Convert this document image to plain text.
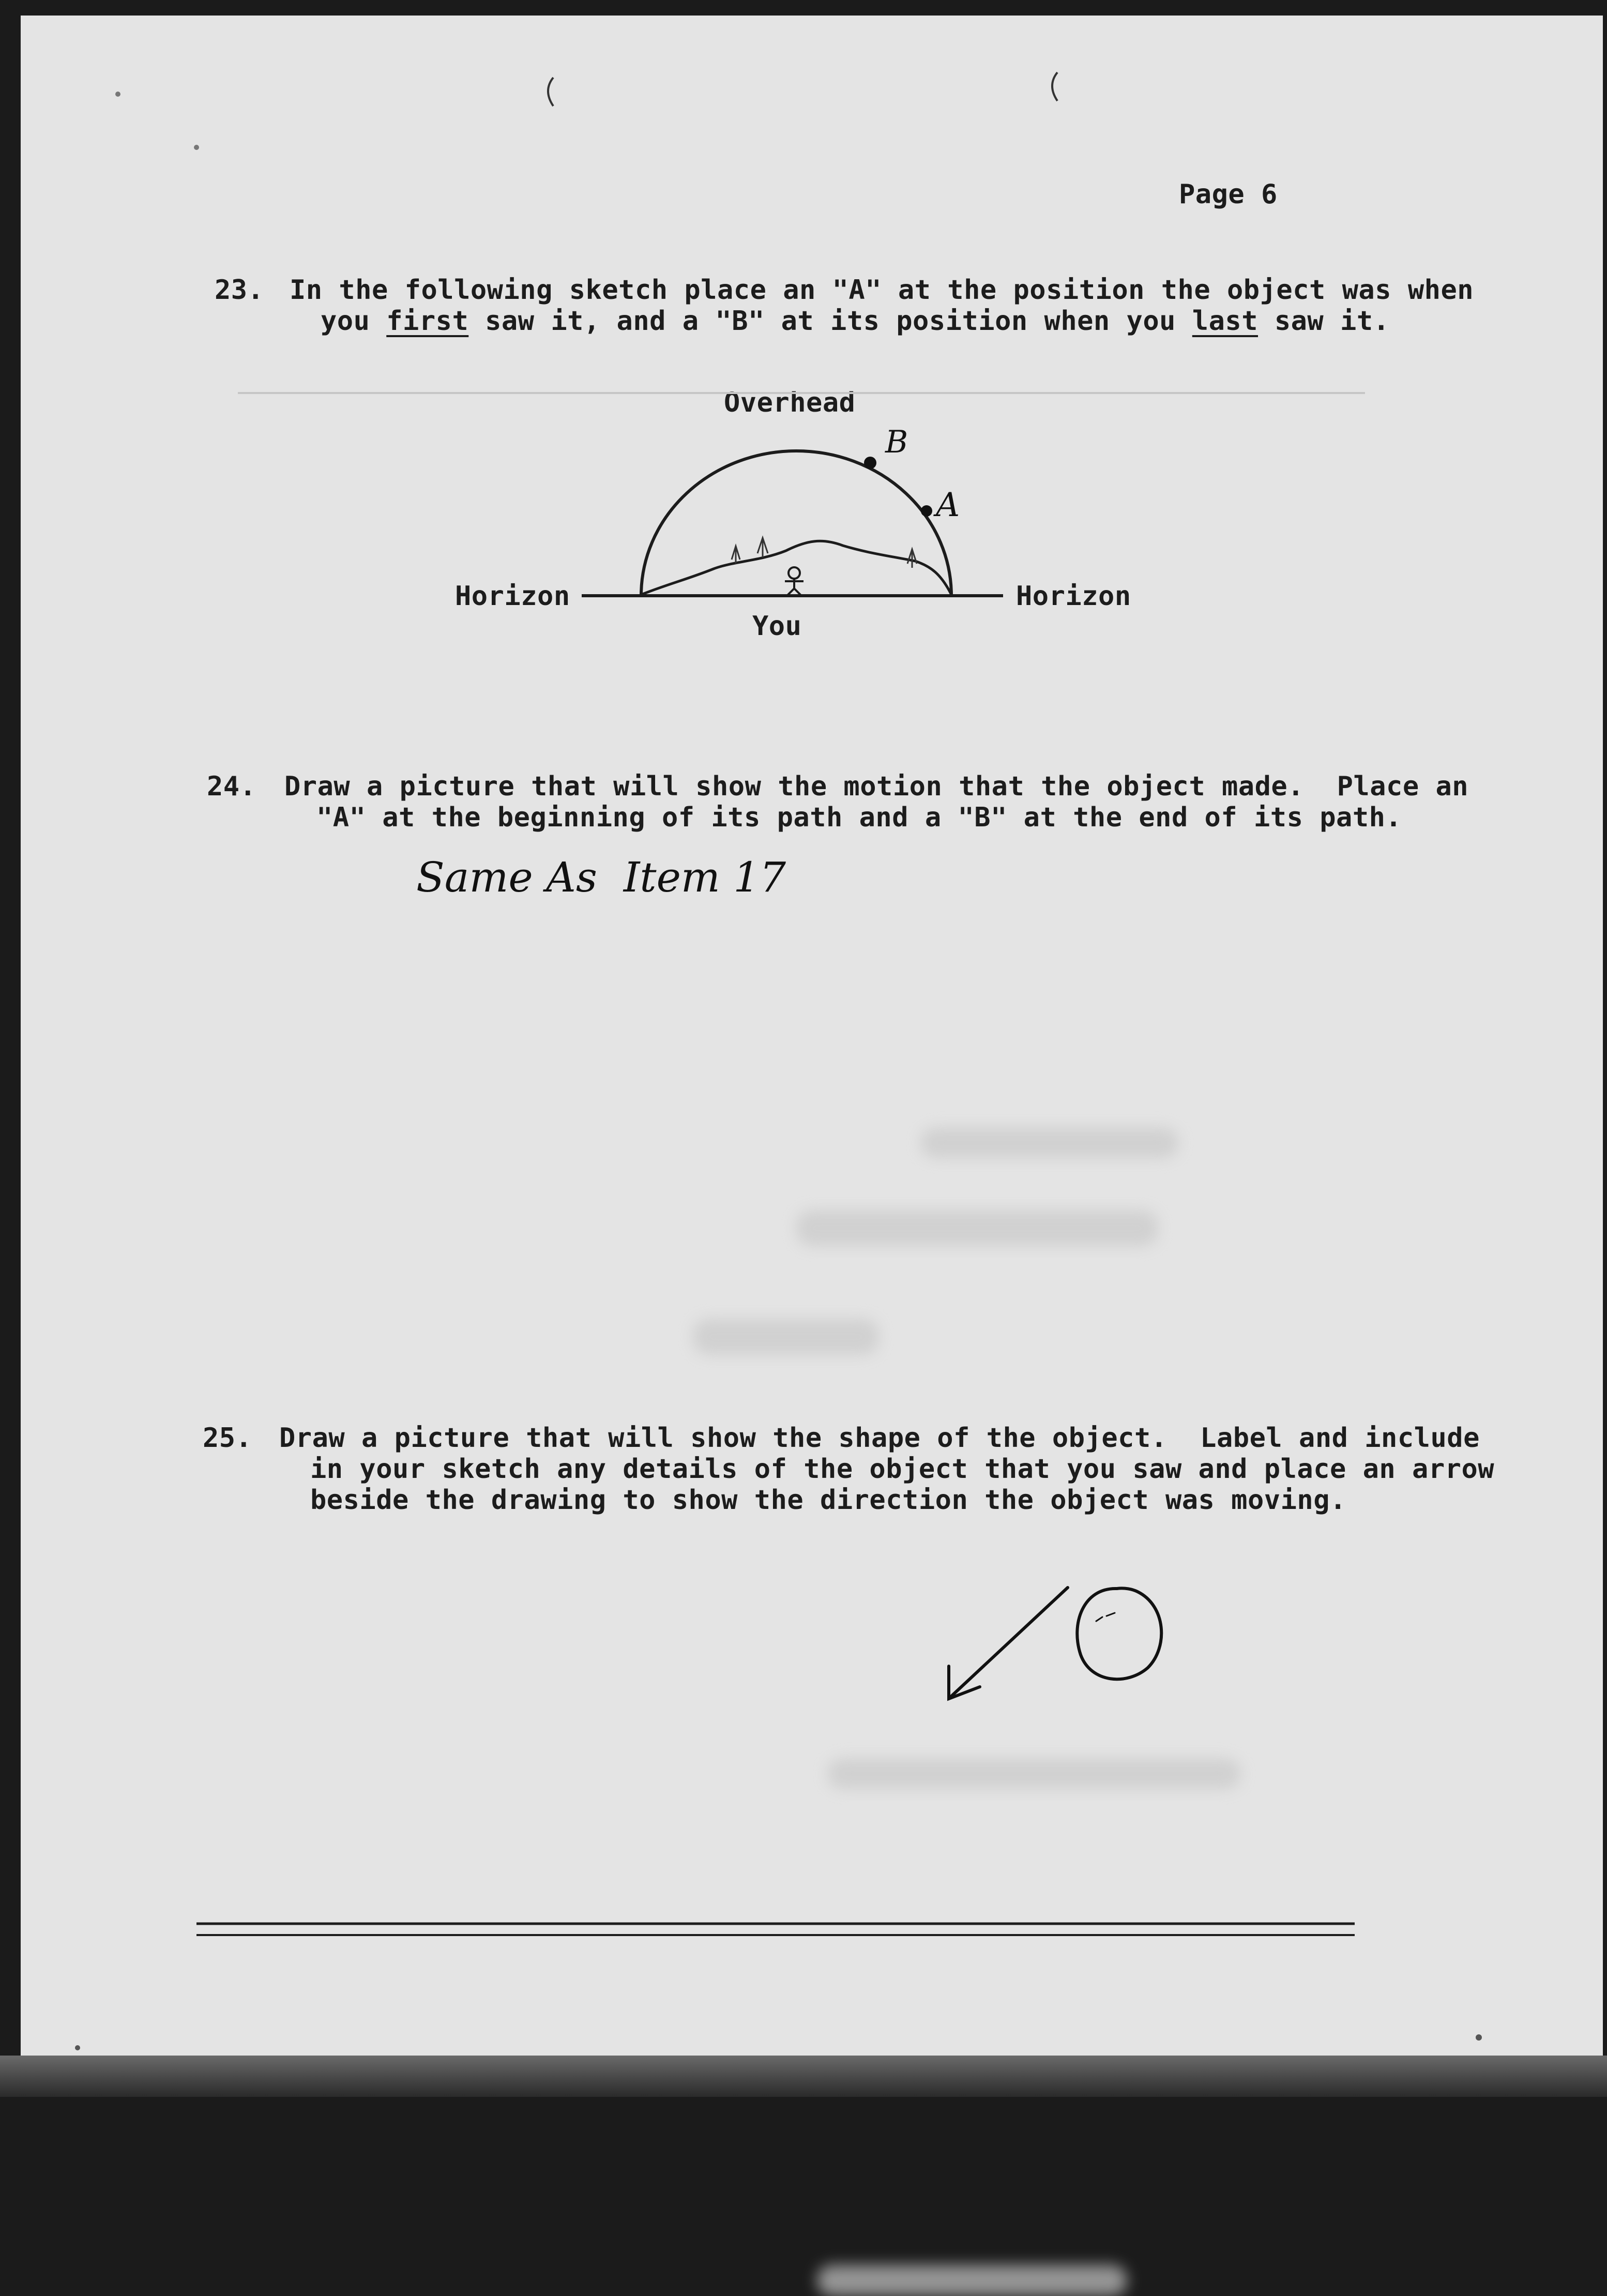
Page 6
23. In the following sketch place an "A" at the position the object was when
you first saw it, and a "B" at its position when you last saw it.
Overhead
Horizon	Horizon
You
B
A
24. Draw a picture that will show the motion that the object made.  Place an
"A" at the beginning of its path and a "B" at the end of its path.
Same As  Item 17
25. Draw a picture that will show the shape of the object.  Label and include
in your sketch any details of the object that you saw and place an arrow
beside the drawing to show the direction the object was moving.
